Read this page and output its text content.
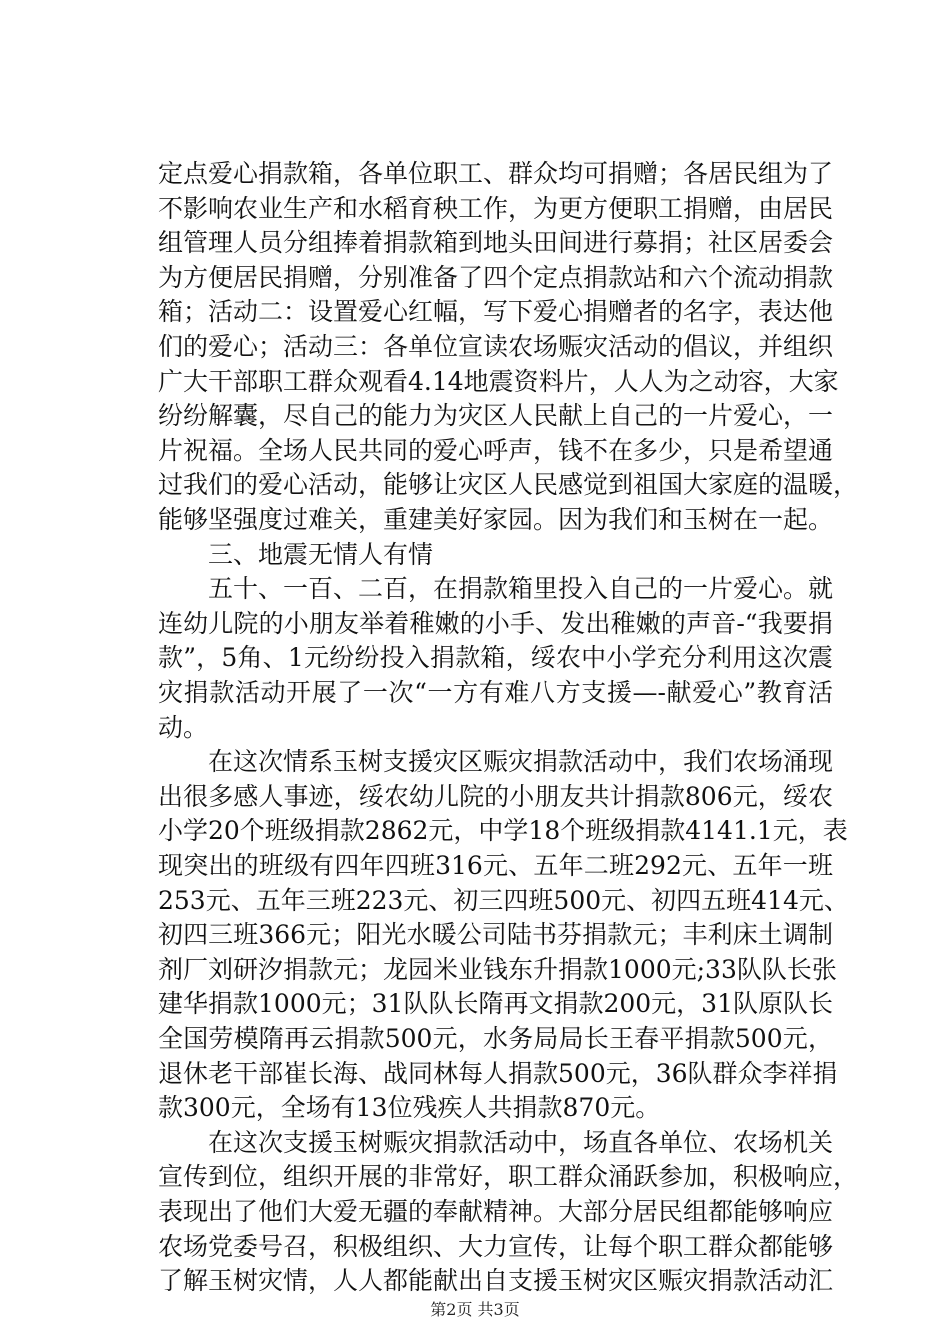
定点爱心捐款箱，各单位职工、群众均可捐赠；各居民组为了
不影响农业生产和水稻育秧工作，为更方便职工捐赠，由居民
组管理人员分组捧着捐款箱到地头田间进行募捐；社区居委会
为方便居民捐赠，分别准备了四个定点捐款站和六个流动捐款
箱；活动二：设置爱心红幅，写下爱心捐赠者的名字，表达他
们的爱心；活动三：各单位宣读农场赈灾活动的倡议，并组织
广大干部职工群众观看4.14地震资料片，人人为之动容，大家
纷纷解囊，尽自己的能力为灾区人民献上自己的一片爱心，一
片祝福。全场人民共同的爱心呼声，钱不在多少，只是希望通
过我们的爱心活动，能够让灾区人民感觉到祖国大家庭的温暖，
能够坚强度过难关，重建美好家园。因为我们和玉树在一起。
三、地震无情人有情
五十、一百、二百，在捐款箱里投入自己的一片爱心。就
连幼儿院的小朋友举着稚嫩的小手、发出稚嫩的声音-“我要捐
款”，5角、1元纷纷投入捐款箱，绥农中小学充分利用这次震
灾捐款活动开展了一次“一方有难八方支援—-献爱心”教育活
动。
在这次情系玉树支援灾区赈灾捐款活动中，我们农场涌现
出很多感人事迹，绥农幼儿院的小朋友共计捐款806元，绥农
小学20个班级捐款2862元，中学18个班级捐款4141.1元，表
现突出的班级有四年四班316元、五年二班292元、五年一班
253元、五年三班223元、初三四班500元、初四五班414元、
初四三班366元；阳光水暖公司陆书芬捐款元；丰利床土调制
剂厂刘研汐捐款元；龙园米业钱东升捐款1000元;33队队长张
建华捐款1000元；31队队长隋再文捐款200元，31队原队长
全国劳模隋再云捐款500元，水务局局长王春平捐款500元，
退休老干部崔长海、战同林每人捐款500元，36队群众李祥捐
款300元，全场有13位残疾人共捐款870元。
在这次支援玉树赈灾捐款活动中，场直各单位、农场机关
宣传到位，组织开展的非常好，职工群众涌跃参加，积极响应，
表现出了他们大爱无疆的奉献精神。大部分居民组都能够响应
农场党委号召，积极组织、大力宣传，让每个职工群众都能够
了解玉树灾情，人人都能献出自支援玉树灾区赈灾捐款活动汇
第2页 共3页
